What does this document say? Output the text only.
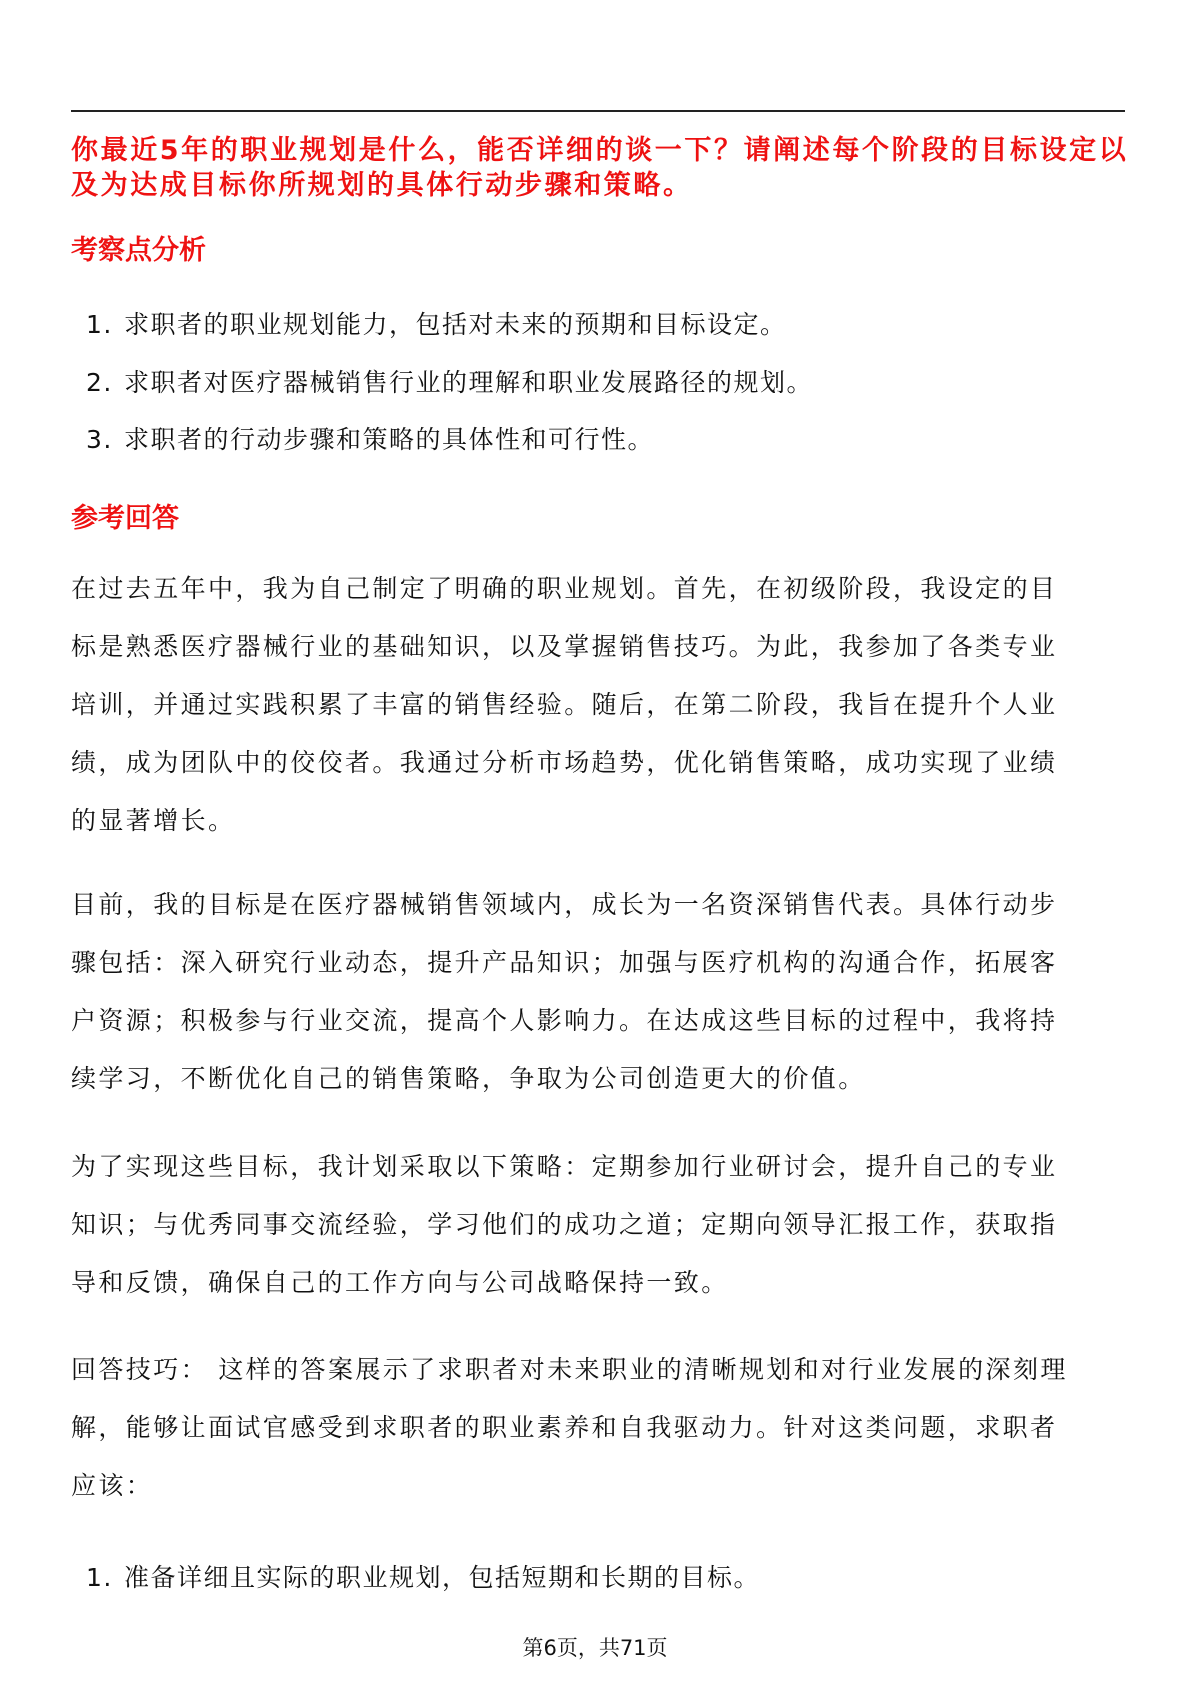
你最近5年的职业规划是什么，能否详细的谈一下？请阐述每个阶段的目标设定以及为达成目标你所规划的具体行动步骤和策略。
考察点分析
1. 求职者的职业规划能力，包括对未来的预期和目标设定。
2. 求职者对医疗器械销售行业的理解和职业发展路径的规划。
3. 求职者的行动步骤和策略的具体性和可行性。
参考回答
在过去五年中，我为自己制定了明确的职业规划。首先，在初级阶段，我设定的目
标是熟悉医疗器械行业的基础知识，以及掌握销售技巧。为此，我参加了各类专业
培训，并通过实践积累了丰富的销售经验。随后，在第二阶段，我旨在提升个人业
绩，成为团队中的佼佼者。我通过分析市场趋势，优化销售策略，成功实现了业绩
的显著增长。
目前，我的目标是在医疗器械销售领域内，成长为一名资深销售代表。具体行动步
骤包括：深入研究行业动态，提升产品知识；加强与医疗机构的沟通合作，拓展客
户资源；积极参与行业交流，提高个人影响力。在达成这些目标的过程中，我将持
续学习，不断优化自己的销售策略，争取为公司创造更大的价值。
为了实现这些目标，我计划采取以下策略：定期参加行业研讨会，提升自己的专业
知识；与优秀同事交流经验，学习他们的成功之道；定期向领导汇报工作，获取指
导和反馈，确保自己的工作方向与公司战略保持一致。
回答技巧： 这样的答案展示了求职者对未来职业的清晰规划和对行业发展的深刻理
解，能够让面试官感受到求职者的职业素养和自我驱动力。针对这类问题，求职者
应该：
1. 准备详细且实际的职业规划，包括短期和长期的目标。
第6页，共71页
